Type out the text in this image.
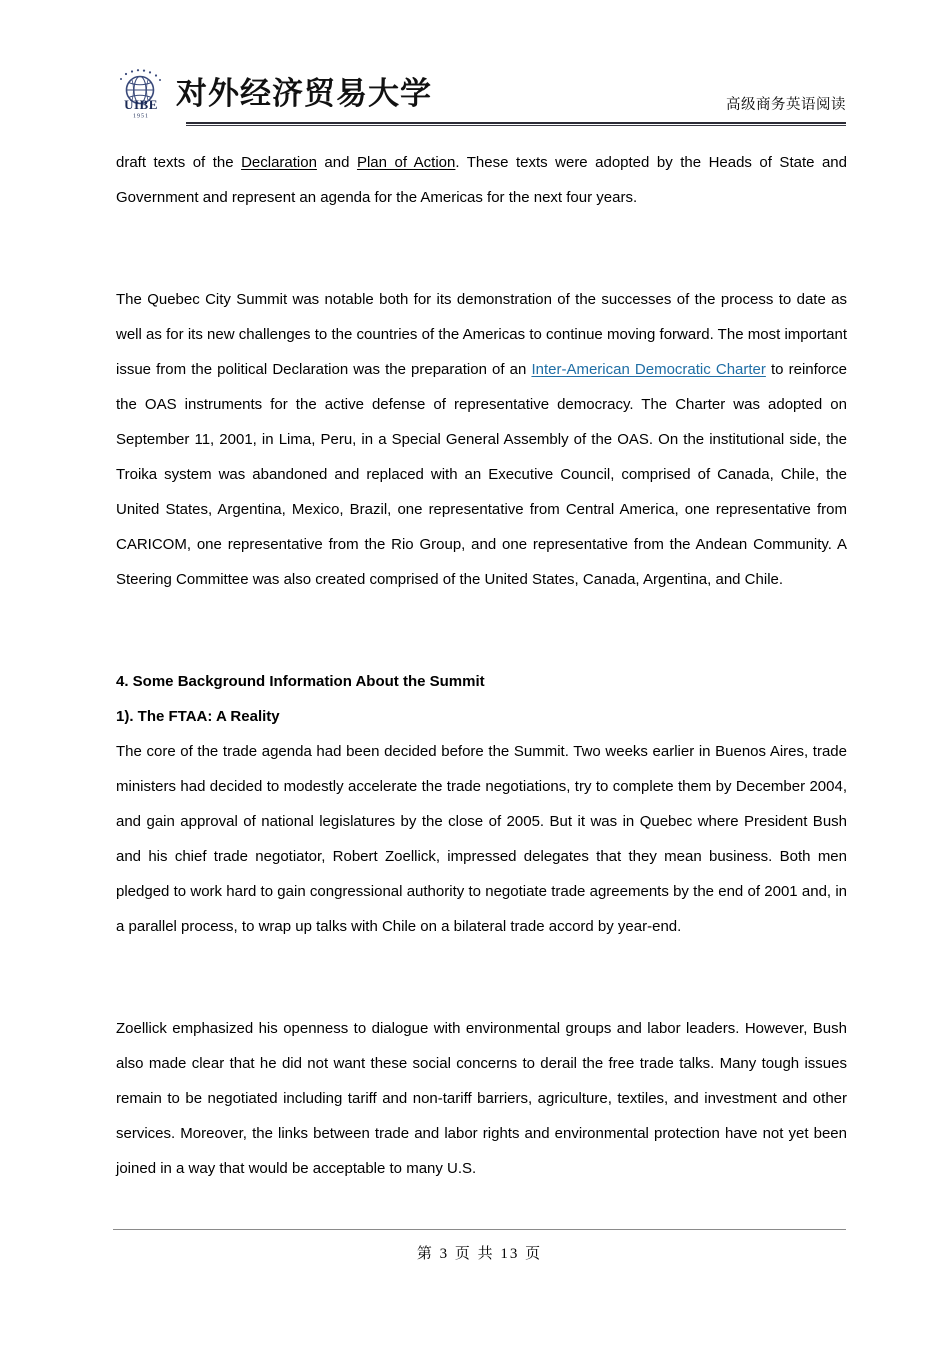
UIBE
1951
对外经济贸易大学	高级商务英语阅读

draft texts of the Declaration and Plan of Action. These texts were adopted by the Heads of State and Government and represent an agenda for the Americas for the next four years.

The Quebec City Summit was notable both for its demonstration of the successes of the process to date as well as for its new challenges to the countries of the Americas to continue moving forward. The most important issue from the political Declaration was the preparation of an Inter-American Democratic Charter to reinforce the OAS instruments for the active defense of representative democracy. The Charter was adopted on September 11, 2001, in Lima, Peru, in a Special General Assembly of the OAS. On the institutional side, the Troika system was abandoned and replaced with an Executive Council, comprised of Canada, Chile, the United States, Argentina, Mexico, Brazil, one representative from Central America, one representative from CARICOM, one representative from the Rio Group, and one representative from the Andean Community. A Steering Committee was also created comprised of the United States, Canada, Argentina, and Chile.

4. Some Background Information About the Summit
1). The FTAA: A Reality

The core of the trade agenda had been decided before the Summit. Two weeks earlier in Buenos Aires, trade ministers had decided to modestly accelerate the trade negotiations, try to complete them by December 2004, and gain approval of national legislatures by the close of 2005. But it was in Quebec where President Bush and his chief trade negotiator, Robert Zoellick, impressed delegates that they mean business. Both men pledged to work hard to gain congressional authority to negotiate trade agreements by the end of 2001 and, in a parallel process, to wrap up talks with Chile on a bilateral trade accord by year-end.

Zoellick emphasized his openness to dialogue with environmental groups and labor leaders. However, Bush also made clear that he did not want these social concerns to derail the free trade talks. Many tough issues remain to be negotiated including tariff and non-tariff barriers, agriculture, textiles, and investment and other services. Moreover, the links between trade and labor rights and environmental protection have not yet been joined in a way that would be acceptable to many U.S.

第 3 页 共 13 页
